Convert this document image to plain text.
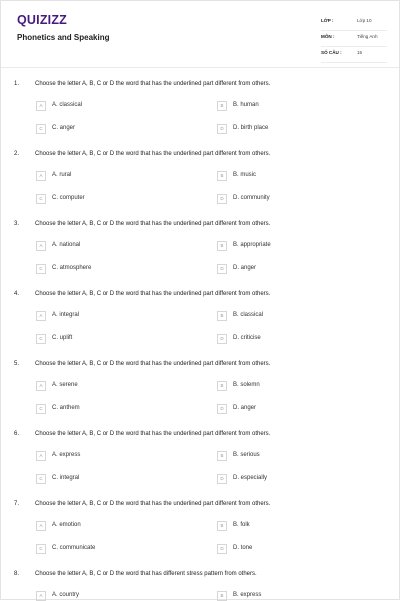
QUIZIZZ
Phonetics and Speaking
LỚP :	Lớp 10
MÔN :	Tiếng Anh
SỐ CÂU :	15
1.	Choose the letter A, B, C or D the word that has the underlined part different from others.
A	A. classical	B	B. human
C	C. anger	D	D. birth place
2.	Choose the letter A, B, C or D the word that has the underlined part different from others.
A	A. rural	B	B. music
C	C. computer	D	D. community
3.	Choose the letter A, B, C or D the word that has the underlined part different from others.
A	A. national	B	B. appropriate
C	C. atmosphere	D	D. anger
4.	Choose the letter A, B, C or D the word that has the underlined part different from others.
A	A. integral	B	B. classical
C	C. uplift	D	D. criticise
5.	Choose the letter A, B, C or D the word that has the underlined part different from others.
A	A. serene	B	B. solemn
C	C. anthem	D	D. anger
6.	Choose the letter A, B, C or D the word that has the underlined part different from others.
A	A. express	B	B. serious
C	C. integral	D	D. especially
7.	Choose the letter A, B, C or D the word that has the underlined part different from others.
A	A. emotion	B	B. folk
C	C. communicate	D	D. tone
8.	Choose the letter A, B, C or D the word that has different stress pattern from others.
A	A. country	B	B. express
